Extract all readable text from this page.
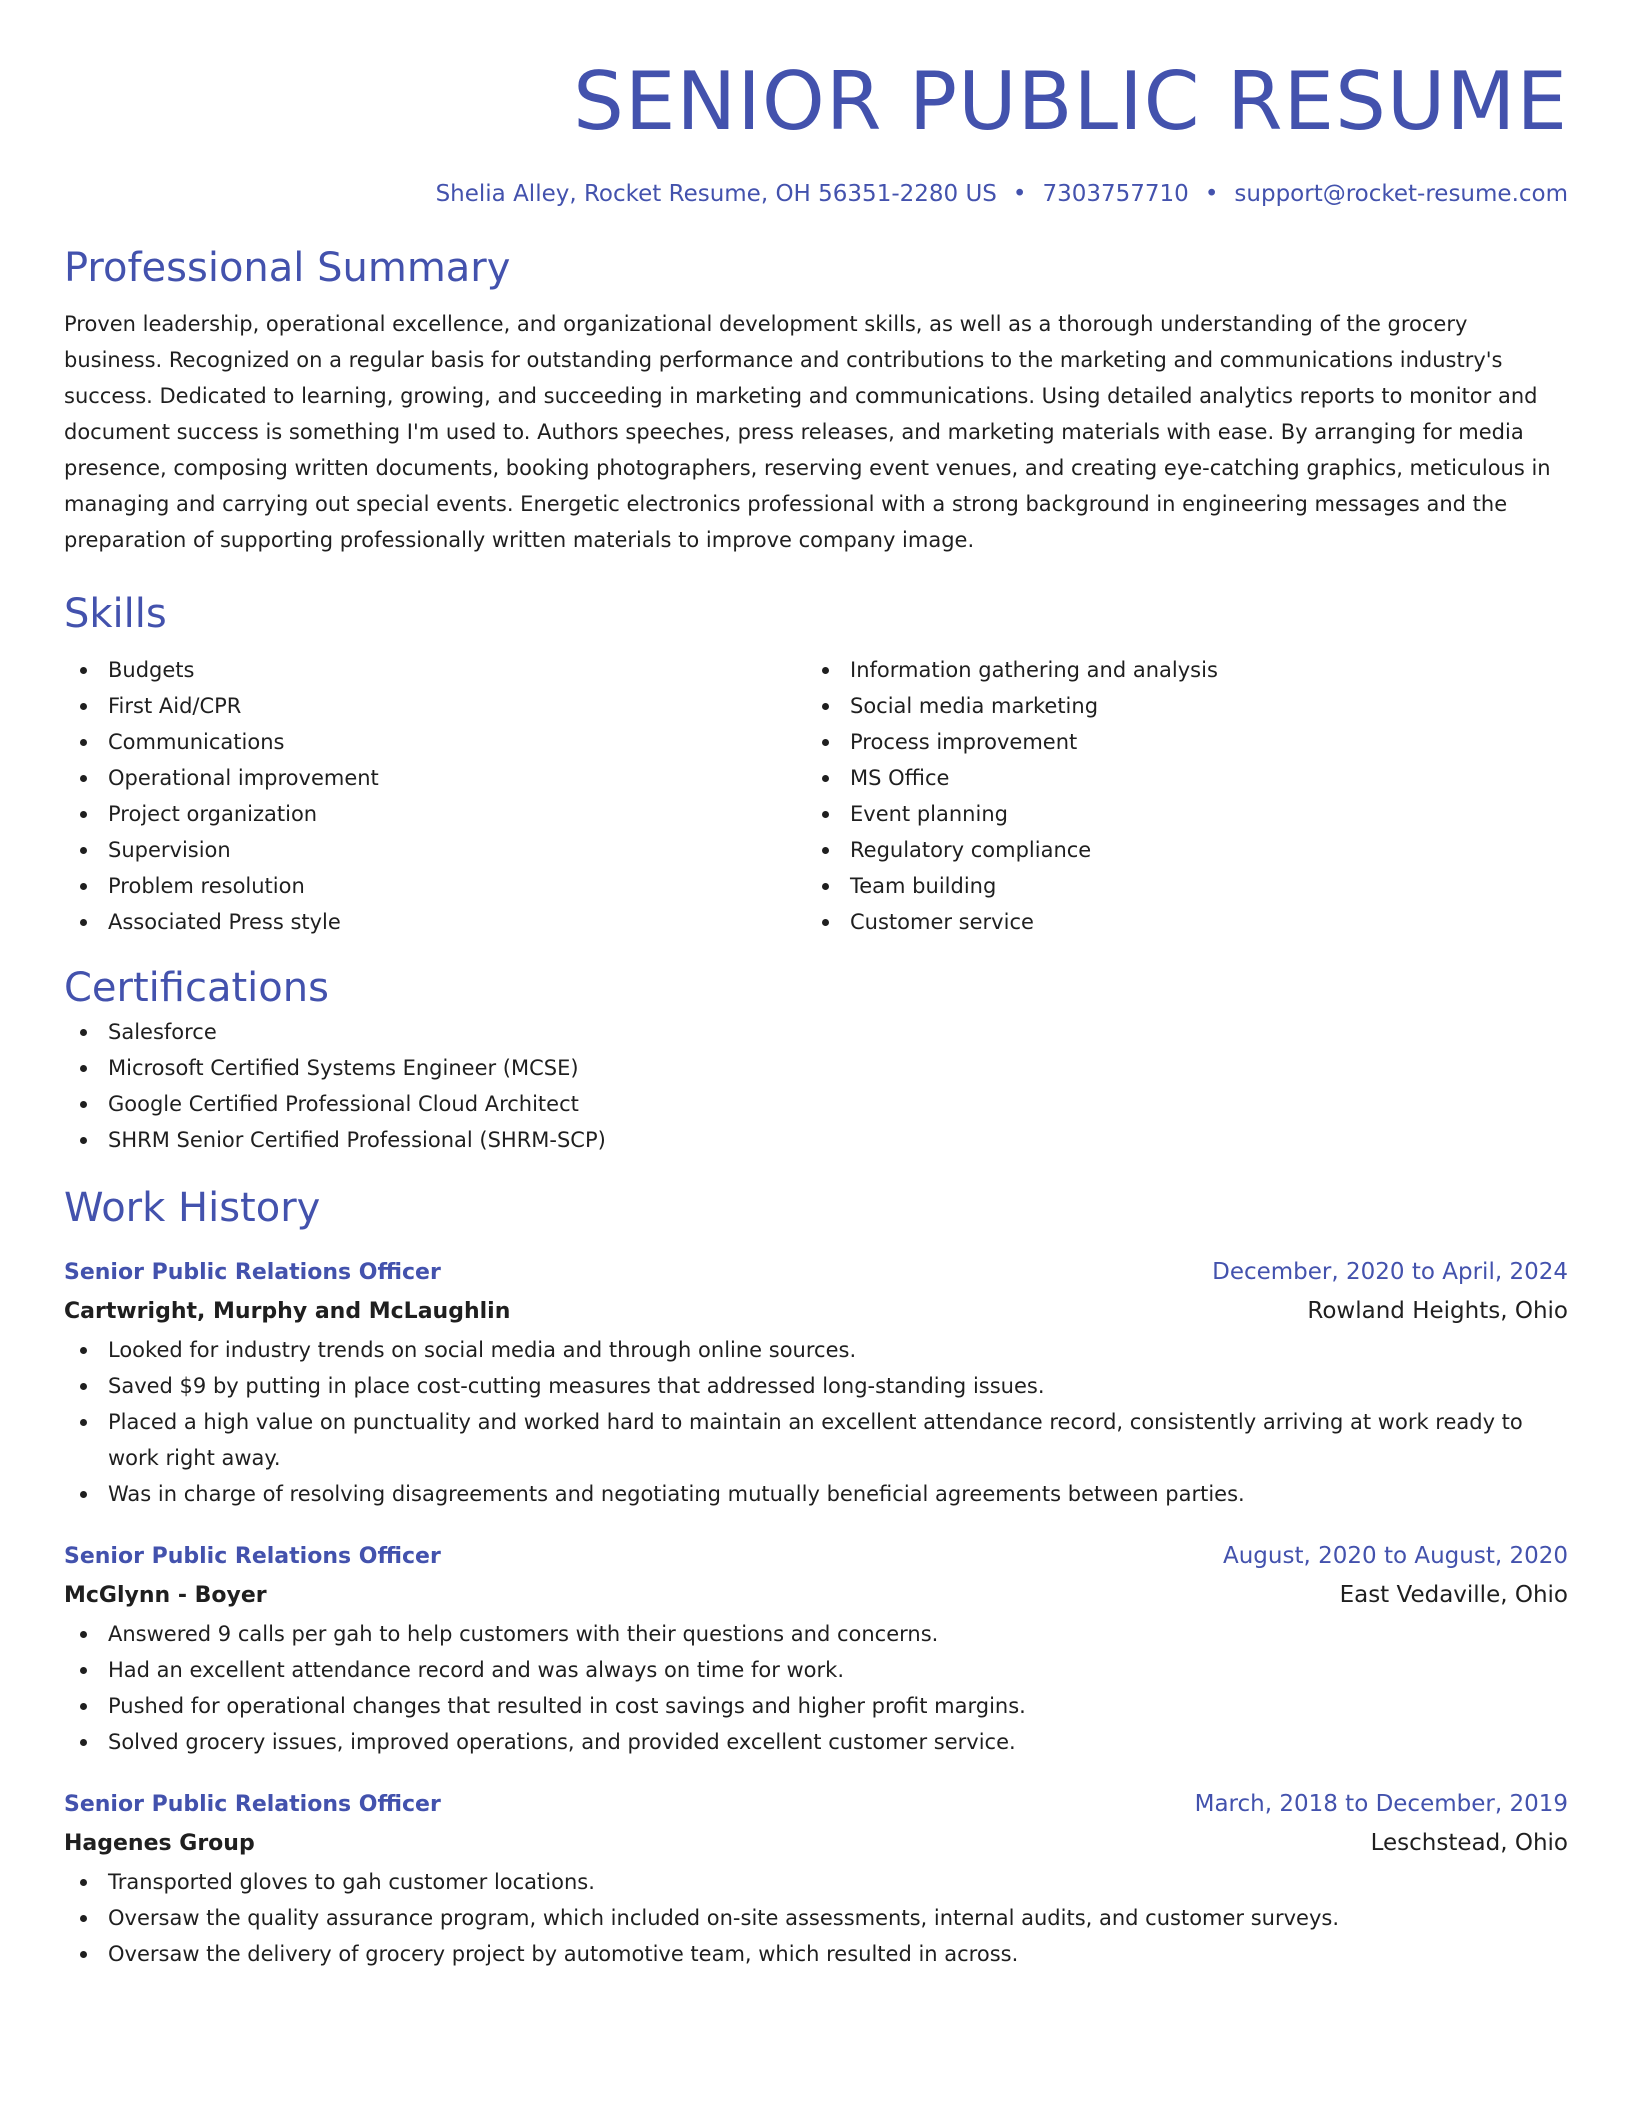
SENIOR PUBLIC RESUME
Shelia Alley, Rocket Resume, OH 56351-2280 US • 7303757710 • support@rocket-resume.com
Professional Summary
Proven leadership, operational excellence, and organizational development skills, as well as a thorough understanding of the grocery business. Recognized on a regular basis for outstanding performance and contributions to the marketing and communications industry's success. Dedicated to learning, growing, and succeeding in marketing and communications. Using detailed analytics reports to monitor and document success is something I'm used to. Authors speeches, press releases, and marketing materials with ease. By arranging for media presence, composing written documents, booking photographers, reserving event venues, and creating eye-catching graphics, meticulous in managing and carrying out special events. Energetic electronics professional with a strong background in engineering messages and the preparation of supporting professionally written materials to improve company image.
Skills
Budgets
First Aid/CPR
Communications
Operational improvement
Project organization
Supervision
Problem resolution
Associated Press style
Information gathering and analysis
Social media marketing
Process improvement
MS Office
Event planning
Regulatory compliance
Team building
Customer service
Certifications
Salesforce
Microsoft Certified Systems Engineer (MCSE)
Google Certified Professional Cloud Architect
SHRM Senior Certified Professional (SHRM-SCP)
Work History
Senior Public Relations Officer	December, 2020 to April, 2024
Cartwright, Murphy and McLaughlin	Rowland Heights, Ohio
Looked for industry trends on social media and through online sources.
Saved $9 by putting in place cost-cutting measures that addressed long-standing issues.
Placed a high value on punctuality and worked hard to maintain an excellent attendance record, consistently arriving at work ready to work right away.
Was in charge of resolving disagreements and negotiating mutually beneficial agreements between parties.
Senior Public Relations Officer	August, 2020 to August, 2020
McGlynn - Boyer	East Vedaville, Ohio
Answered 9 calls per gah to help customers with their questions and concerns.
Had an excellent attendance record and was always on time for work.
Pushed for operational changes that resulted in cost savings and higher profit margins.
Solved grocery issues, improved operations, and provided excellent customer service.
Senior Public Relations Officer	March, 2018 to December, 2019
Hagenes Group	Leschstead, Ohio
Transported gloves to gah customer locations.
Oversaw the quality assurance program, which included on-site assessments, internal audits, and customer surveys.
Oversaw the delivery of grocery project by automotive team, which resulted in across.
